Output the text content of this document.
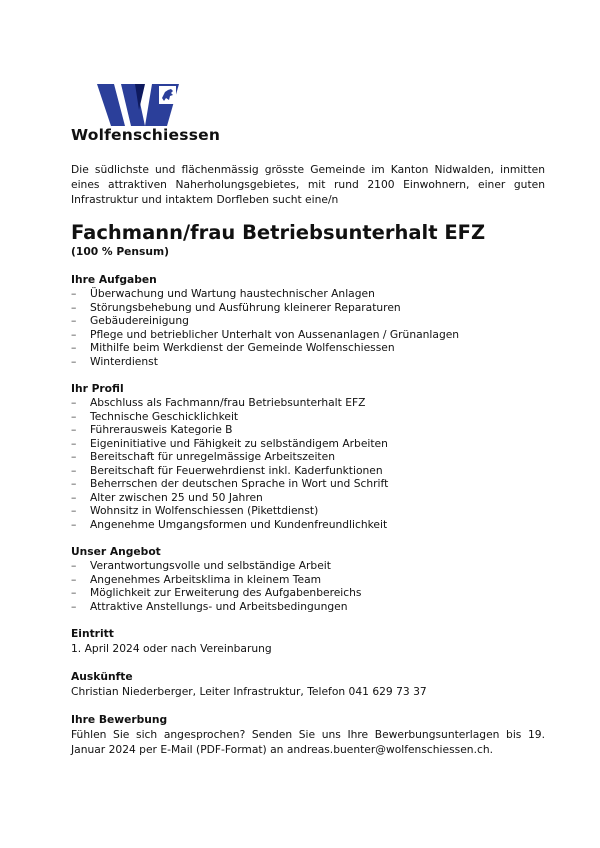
Wolfenschiessen
Die südlichste und flächenmässig grösste Gemeinde im Kanton Nidwalden, inmitten eines attraktiven Naherholungsgebietes, mit rund 2100 Einwohnern, einer guten Infrastruktur und intaktem Dorfleben sucht eine/n
Fachmann/frau Betriebsunterhalt EFZ
(100 % Pensum)
Ihre Aufgaben
– Überwachung und Wartung haustechnischer Anlagen
– Störungsbehebung und Ausführung kleinerer Reparaturen
– Gebäudereinigung
– Pflege und betrieblicher Unterhalt von Aussenanlagen / Grünanlagen
– Mithilfe beim Werkdienst der Gemeinde Wolfenschiessen
– Winterdienst
Ihr Profil
– Abschluss als Fachmann/frau Betriebsunterhalt EFZ
– Technische Geschicklichkeit
– Führerausweis Kategorie B
– Eigeninitiative und Fähigkeit zu selbständigem Arbeiten
– Bereitschaft für unregelmässige Arbeitszeiten
– Bereitschaft für Feuerwehrdienst inkl. Kaderfunktionen
– Beherrschen der deutschen Sprache in Wort und Schrift
– Alter zwischen 25 und 50 Jahren
– Wohnsitz in Wolfenschiessen (Pikettdienst)
– Angenehme Umgangsformen und Kundenfreundlichkeit
Unser Angebot
– Verantwortungsvolle und selbständige Arbeit
– Angenehmes Arbeitsklima in kleinem Team
– Möglichkeit zur Erweiterung des Aufgabenbereichs
– Attraktive Anstellungs- und Arbeitsbedingungen
Eintritt
1. April 2024 oder nach Vereinbarung
Auskünfte
Christian Niederberger, Leiter Infrastruktur, Telefon 041 629 73 37
Ihre Bewerbung
Fühlen Sie sich angesprochen? Senden Sie uns Ihre Bewerbungsunterlagen bis 19. Januar 2024 per E-Mail (PDF-Format) an andreas.buenter@wolfenschiessen.ch.
